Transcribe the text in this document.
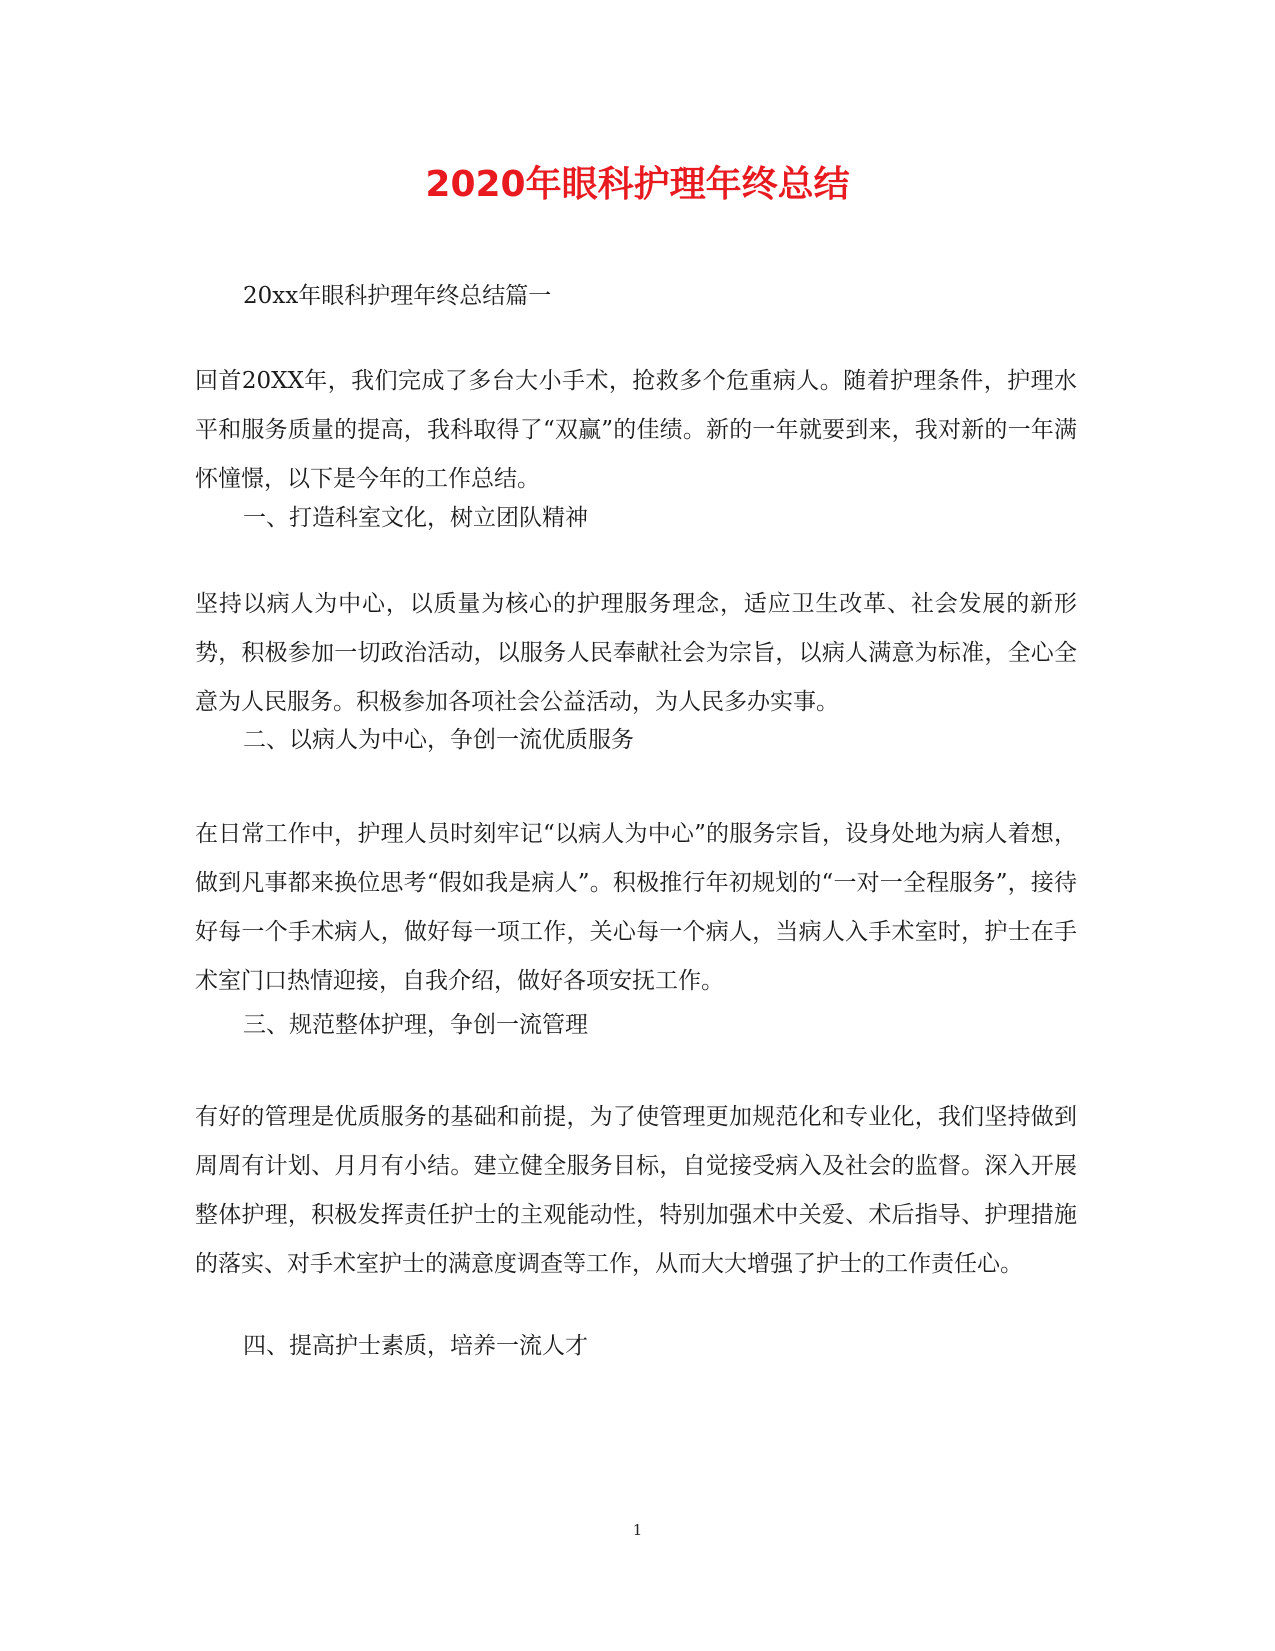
2020年眼科护理年终总结

20xx年眼科护理年终总结篇一

回首20XX年，我们完成了多台大小手术，抢救多个危重病人。随着护理条件，护理水平和服务质量的提高，我科取得了“双赢”的佳绩。新的一年就要到来，我对新的一年满怀憧憬，以下是今年的工作总结。

一、打造科室文化，树立团队精神

坚持以病人为中心，以质量为核心的护理服务理念，适应卫生改革、社会发展的新形势，积极参加一切政治活动，以服务人民奉献社会为宗旨，以病人满意为标准，全心全意为人民服务。积极参加各项社会公益活动，为人民多办实事。

二、以病人为中心，争创一流优质服务

在日常工作中，护理人员时刻牢记“以病人为中心”的服务宗旨，设身处地为病人着想，做到凡事都来换位思考“假如我是病人”。积极推行年初规划的“一对一全程服务”，接待好每一个手术病人，做好每一项工作，关心每一个病人，当病人入手术室时，护士在手术室门口热情迎接，自我介绍，做好各项安抚工作。

三、规范整体护理，争创一流管理

有好的管理是优质服务的基础和前提，为了使管理更加规范化和专业化，我们坚持做到周周有计划、月月有小结。建立健全服务目标，自觉接受病入及社会的监督。深入开展整体护理，积极发挥责任护士的主观能动性，特别加强术中关爱、术后指导、护理措施的落实、对手术室护士的满意度调查等工作，从而大大增强了护士的工作责任心。

四、提高护士素质，培养一流人才

1
